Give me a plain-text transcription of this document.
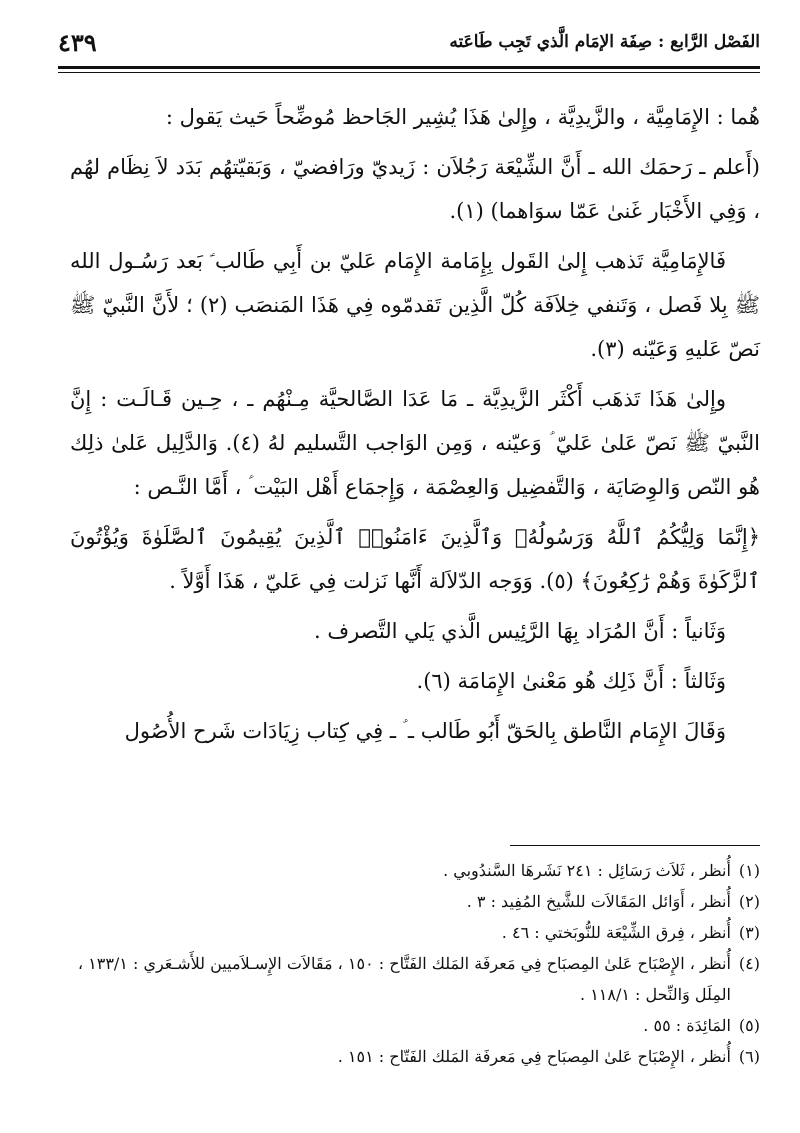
٤٣٩	الفَصْل الرَّابع : صِفَة الإمَام الَّذي تَجِب طَاعَته

هُما : الإِمَامِيَّة ، والزَّيدِيَّة ، وإِلىٰ هَذَا يُشِير الجَاحظ مُوضِّحاً حَيث يَقول :

(أَعلم ـ رَحمَك الله ـ أَنَّ الشِّيْعَة رَجُلاَن : زَيديّ ورَافضيّ ، وَبَقيّتهُم بَدَد لاَ نِظَام لهُم ، وَفِي الأَخْبَار غَنىٰ عَمّا سوَاهما) (١).

فَالإِمَامِيَّة تَذهب إِلىٰ القَول بِإِمَامة الإِمَام عَليّ بن أَبِي طَالب ؑ بَعد رَسُـول الله ﷺ بِلا فَصل ، وَتَنفي خِلاَفَة كُلّ الَّذِين تَقدمّوه فِي هَذَا المَنصَب (٢) ؛ لأَنَّ النَّبيّ ﷺ نَصّ عَليهِ وَعَيّنه (٣).

وإِلىٰ هَذَا تَذهَب أَكْثَر الزَّيدِيَّة ـ مَا عَدَا الصَّالحيَّة مِـنْهُم ـ ، حِـين قَـالَـت : إِنَّ النَّبيّ ﷺ نَصّ عَلىٰ عَليّ ؑ وَعيّنه ، وَمِن الوَاجب التَّسليم لهُ (٤). وَالدَّلِيل عَلىٰ ذلِك هُو النّص وَالوِصَايَة ، وَالتَّفضِيل وَالعِصْمَة ، وَإِجمَاع أَهْل البَيْت ؑ ، أَمَّا النَّـص :

﴿إِنَّمَا وَلِيُّكُمُ ٱللَّهُ وَرَسُولُهُۥ وَٱلَّذِينَ ءَامَنُوا۟ ٱلَّذِينَ يُقِيمُونَ ٱلصَّلَوٰةَ وَيُؤْتُونَ ٱلزَّكَوٰةَ وَهُمْ رَٰكِعُونَ﴾ (٥). وَوَجه الدّلاَلة أَنَّها نَزلت فِي عَليّ ، هَذَا أَوَّلاً .

وَثَانياً : أَنَّ المُرَاد بِهَا الرَّئِيس الَّذي يَلي التَّصرف .

وَثَالثاً : أَنَّ ذَلِك هُو مَعْنىٰ الإِمَامَة (٦).

وَقَالَ الإِمَام النَّاطق بِالحَقّ أَبُو طَالب ـ ؑ ـ فِي كِتاب زِيَادَات شَرح الأُصُول

(١)
أُنظر ، ثَلاَث رَسَائِل : ٢٤١ نَشَرهَا السَّندُوبي .
(٢)
أُنظر ، أَوَائل المَقَالاَت للشَّيخ المُفِيد : ٣ .
(٣)
أُنظر ، فِرق الشِّيْعَة للنُّوبَختي : ٤٦ .
(٤)
أُنظر ، الإِصْبَاح عَلىٰ المِصبَاح فِي مَعرفَة المَلك الفَتَّاح : ١٥٠ ، مَقَالاَت الإِسـلاَميين للأَشـعَري : ١٣٣/١ ، المِلَل وَالنِّحل : ١١٨/١ .
(٥)
المَائِدَة : ٥٥ .
(٦)
أُنظر ، الإِصْبَاح عَلىٰ المِصبَاح فِي مَعرفَة المَلك الفَتّاح : ١٥١ .
